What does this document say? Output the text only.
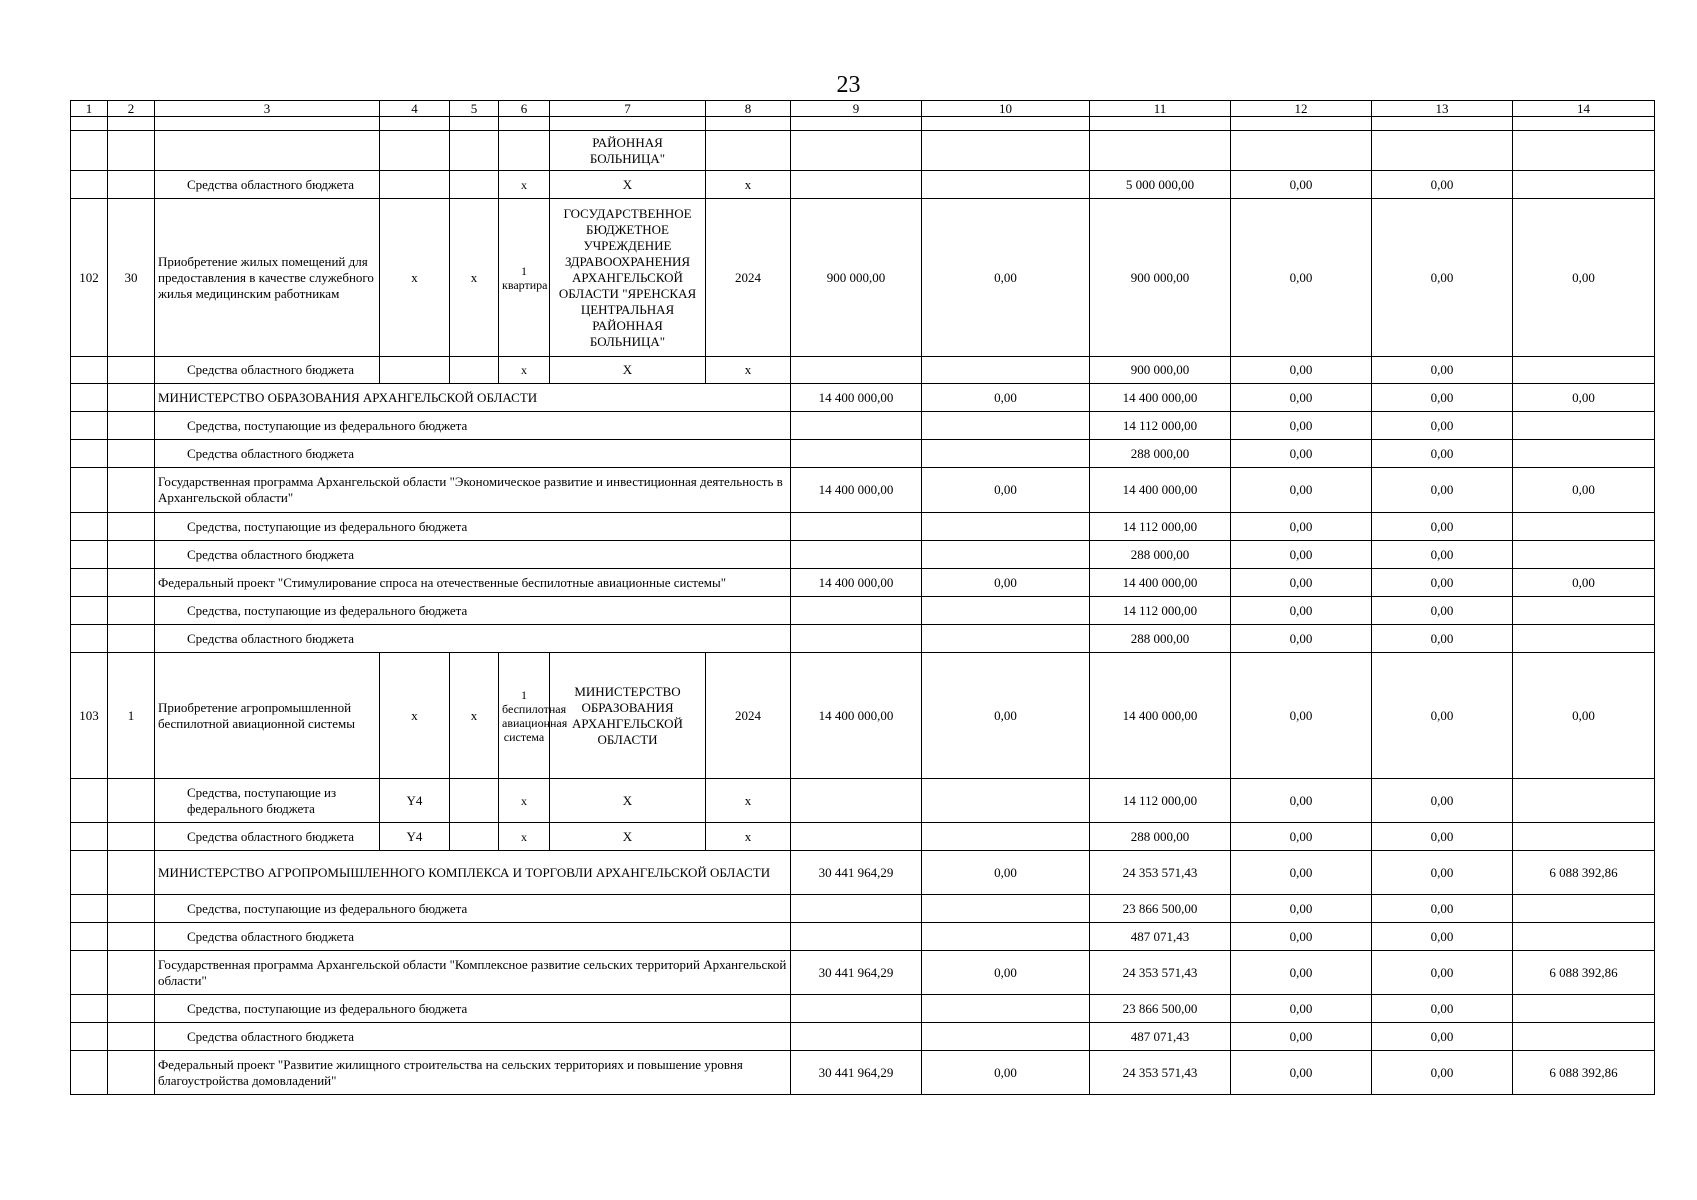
23
1	2	3	4	5	6	7	8	9	10	11	12	13	14

						РАЙОННАЯ БОЛЬНИЦА"							
		Средства областного бюджета			х	Х	х			5 000 000,00	0,00	0,00	
102	30	Приобретение жилых помещений для предоставления в качестве служебного жилья медицинским работникам	х	х	1 квартира	ГОСУДАРСТВЕННОЕ БЮДЖЕТНОЕ УЧРЕЖДЕНИЕ ЗДРАВООХРАНЕНИЯ АРХАНГЕЛЬСКОЙ ОБЛАСТИ "ЯРЕНСКАЯ ЦЕНТРАЛЬНАЯ РАЙОННАЯ БОЛЬНИЦА"	2024	900 000,00	0,00	900 000,00	0,00	0,00	0,00
		Средства областного бюджета			х	Х	х			900 000,00	0,00	0,00	
		МИНИСТЕРСТВО ОБРАЗОВАНИЯ АРХАНГЕЛЬСКОЙ ОБЛАСТИ						14 400 000,00	0,00	14 400 000,00	0,00	0,00	0,00
		Средства, поступающие из федерального бюджета								14 112 000,00	0,00	0,00	
		Средства областного бюджета								288 000,00	0,00	0,00	
		Государственная программа Архангельской области "Экономическое развитие и инвестиционная деятельность в Архангельской области"						14 400 000,00	0,00	14 400 000,00	0,00	0,00	0,00
		Средства, поступающие из федерального бюджета								14 112 000,00	0,00	0,00	
		Средства областного бюджета								288 000,00	0,00	0,00	
		Федеральный проект "Стимулирование спроса на отечественные беспилотные авиационные системы"						14 400 000,00	0,00	14 400 000,00	0,00	0,00	0,00
		Средства, поступающие из федерального бюджета								14 112 000,00	0,00	0,00	
		Средства областного бюджета								288 000,00	0,00	0,00	
103	1	Приобретение агропромышленной беспилотной авиационной системы	х	х	1 беспилотная авиационная система	МИНИСТЕРСТВО ОБРАЗОВАНИЯ АРХАНГЕЛЬСКОЙ ОБЛАСТИ	2024	14 400 000,00	0,00	14 400 000,00	0,00	0,00	0,00
		Средства, поступающие из федерального бюджета	Y4		х	Х	х			14 112 000,00	0,00	0,00	
		Средства областного бюджета	Y4		х	Х	х			288 000,00	0,00	0,00	
		МИНИСТЕРСТВО АГРОПРОМЫШЛЕННОГО КОМПЛЕКСА И ТОРГОВЛИ АРХАНГЕЛЬСКОЙ ОБЛАСТИ						30 441 964,29	0,00	24 353 571,43	0,00	0,00	6 088 392,86
		Средства, поступающие из федерального бюджета								23 866 500,00	0,00	0,00	
		Средства областного бюджета								487 071,43	0,00	0,00	
		Государственная программа Архангельской области "Комплексное развитие сельских территорий Архангельской области"						30 441 964,29	0,00	24 353 571,43	0,00	0,00	6 088 392,86
		Средства, поступающие из федерального бюджета								23 866 500,00	0,00	0,00	
		Средства областного бюджета								487 071,43	0,00	0,00	
		Федеральный проект "Развитие жилищного строительства на сельских территориях и повышение уровня благоустройства домовладений"						30 441 964,29	0,00	24 353 571,43	0,00	0,00	6 088 392,86
